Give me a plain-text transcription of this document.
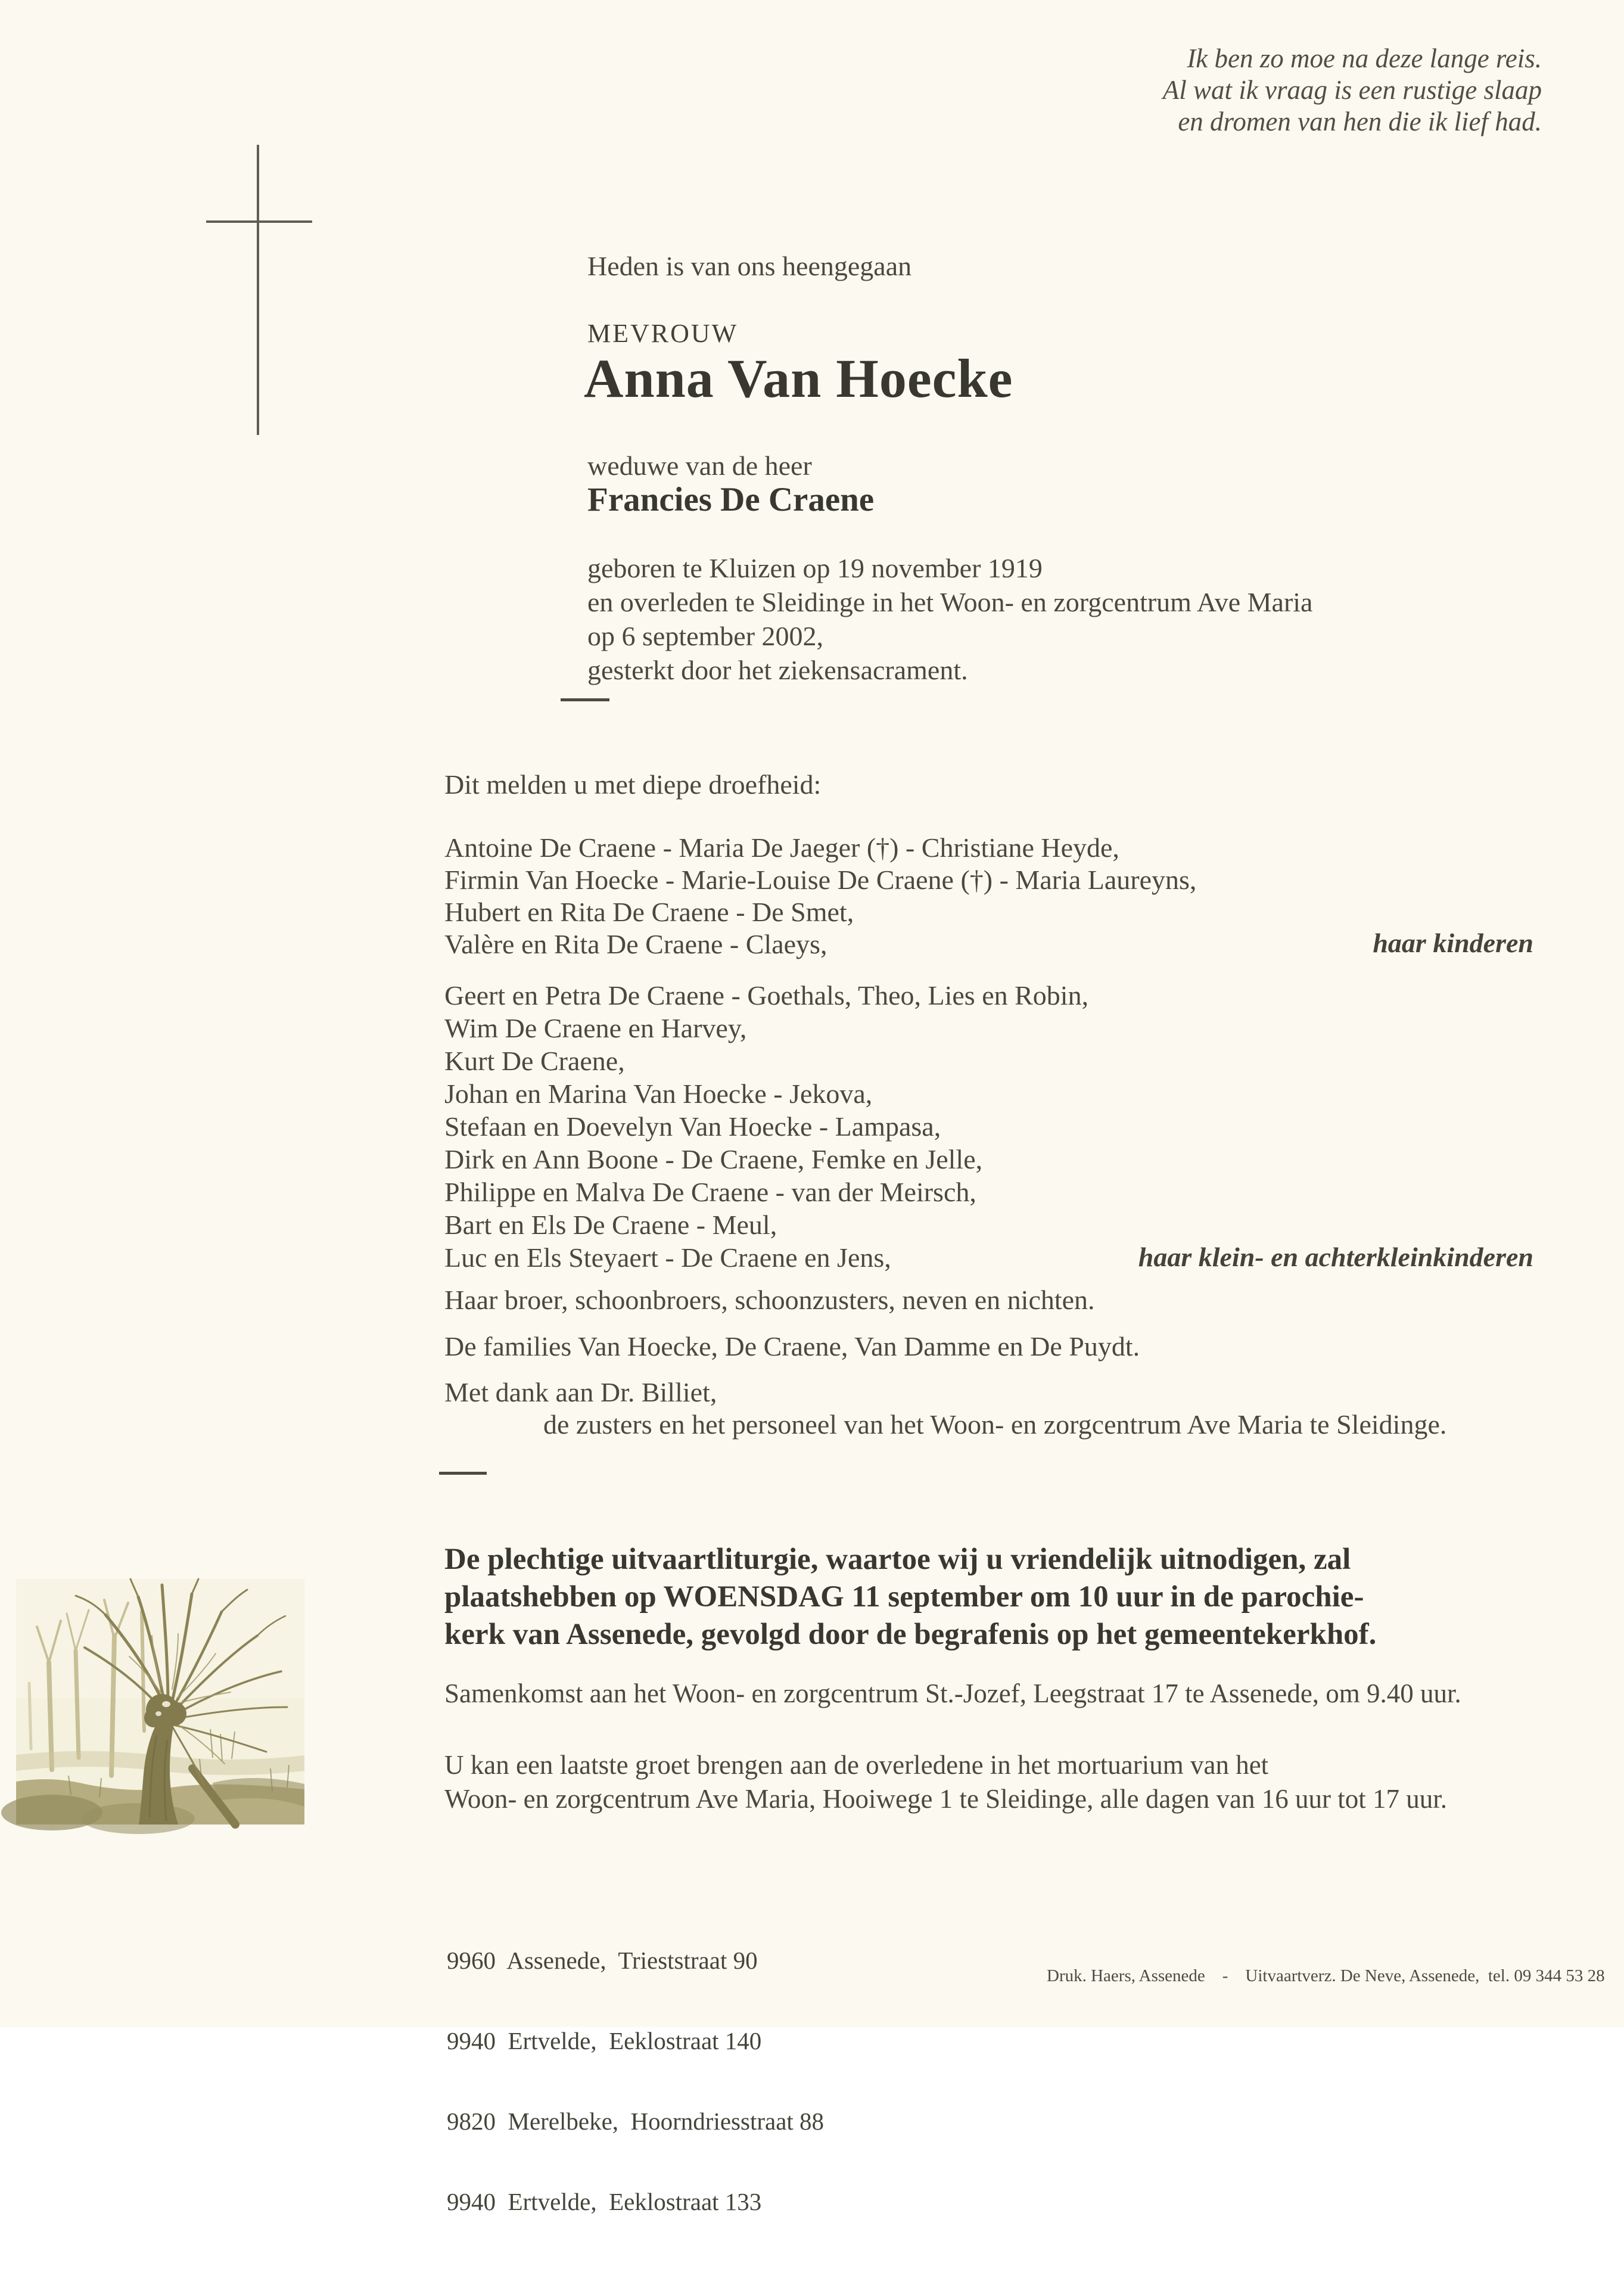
Ik ben zo moe na deze lange reis.
Al wat ik vraag is een rustige slaap
en dromen van hen die ik lief had.
Heden is van ons heengegaan
MEVROUW
Anna Van Hoecke
weduwe van de heer
Francies De Craene
geboren te Kluizen op 19 november 1919
en overleden te Sleidinge in het Woon- en zorgcentrum Ave Maria
op 6 september 2002,
gesterkt door het ziekensacrament.
Dit melden u met diepe droefheid:
Antoine De Craene - Maria De Jaeger (†) - Christiane Heyde,
Firmin Van Hoecke - Marie-Louise De Craene (†) - Maria Laureyns,
Hubert en Rita De Craene - De Smet,
Valère en Rita De Craene - Claeys,	haar kinderen
Geert en Petra De Craene - Goethals, Theo, Lies en Robin,
Wim De Craene en Harvey,
Kurt De Craene,
Johan en Marina Van Hoecke - Jekova,
Stefaan en Doevelyn Van Hoecke - Lampasa,
Dirk en Ann Boone - De Craene, Femke en Jelle,
Philippe en Malva De Craene - van der Meirsch,
Bart en Els De Craene - Meul,
Luc en Els Steyaert - De Craene en Jens,	haar klein- en achterkleinkinderen
Haar broer, schoonbroers, schoonzusters, neven en nichten.
De families Van Hoecke, De Craene, Van Damme en De Puydt.
Met dank aan Dr. Billiet,
de zusters en het personeel van het Woon- en zorgcentrum Ave Maria te Sleidinge.
De plechtige uitvaartliturgie, waartoe wij u vriendelijk uitnodigen, zal
plaatshebben op WOENSDAG 11 september om 10 uur in de parochie-
kerk van Assenede, gevolgd door de begrafenis op het gemeentekerkhof.
Samenkomst aan het Woon- en zorgcentrum St.-Jozef, Leegstraat 17 te Assenede, om 9.40 uur.
U kan een laatste groet brengen aan de overledene in het mortuarium van het
Woon- en zorgcentrum Ave Maria, Hooiwege 1 te Sleidinge, alle dagen van 16 uur tot 17 uur.

9960  Assenede,  Trieststraat 90

9940  Ertvelde,  Eeklostraat 140

9820  Merelbeke,  Hoorndriesstraat 88

9940  Ertvelde,  Eeklostraat 133

Druk. Haers, Assenede    -    Uitvaartverz. De Neve, Assenede,  tel. 09 344 53 28
